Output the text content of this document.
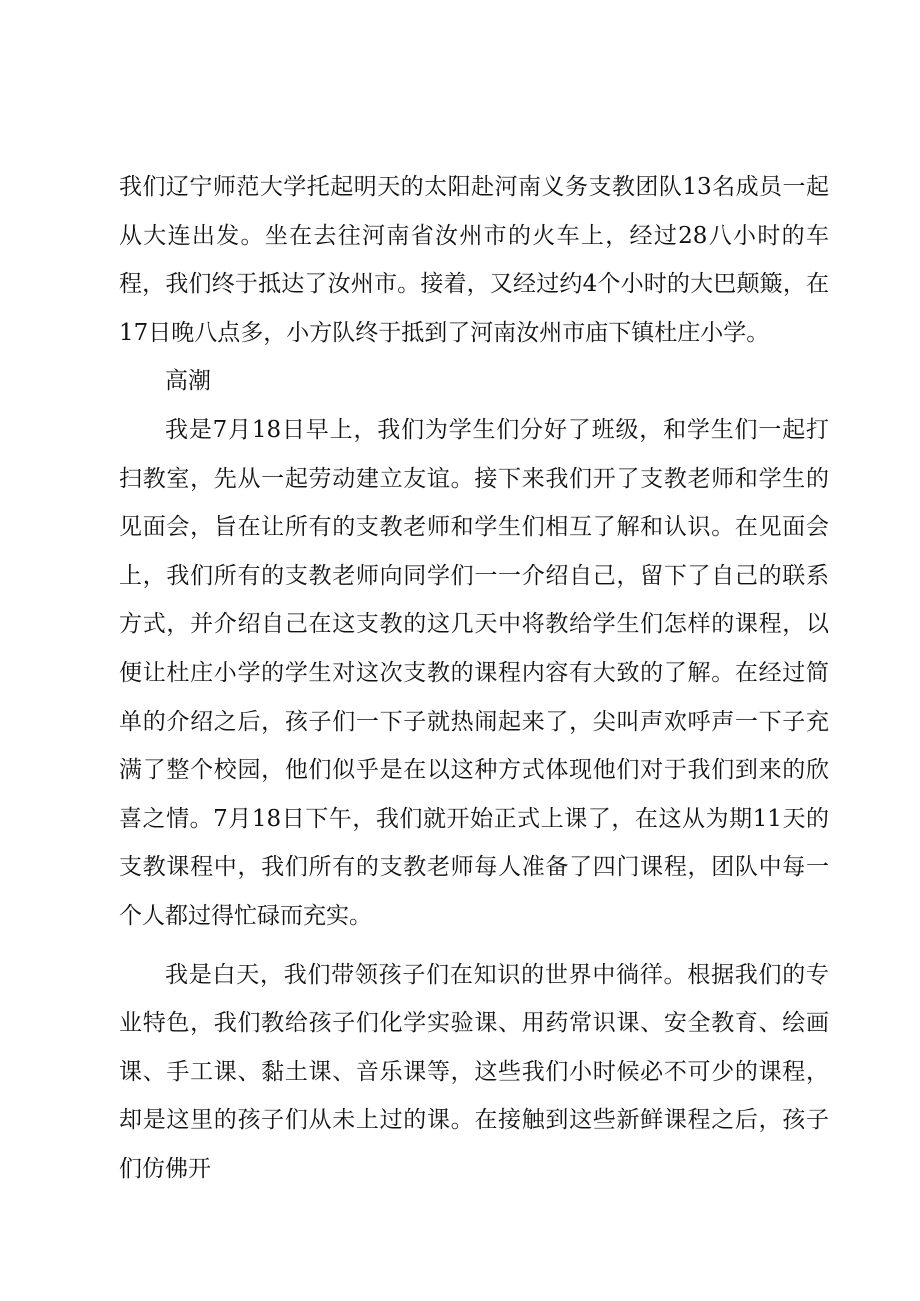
我们辽宁师范大学托起明天的太阳赴河南义务支教团队13名成员一起从大连出发。坐在去往河南省汝州市的火车上，经过28八小时的车程，我们终于抵达了汝州市。接着，又经过约4个小时的大巴颠簸，在17日晚八点多，小方队终于抵到了河南汝州市庙下镇杜庄小学。

高潮

我是7月18日早上，我们为学生们分好了班级，和学生们一起打扫教室，先从一起劳动建立友谊。接下来我们开了支教老师和学生的见面会，旨在让所有的支教老师和学生们相互了解和认识。在见面会上，我们所有的支教老师向同学们一一介绍自己，留下了自己的联系方式，并介绍自己在这支教的这几天中将教给学生们怎样的课程，以便让杜庄小学的学生对这次支教的课程内容有大致的了解。在经过简单的介绍之后，孩子们一下子就热闹起来了，尖叫声欢呼声一下子充满了整个校园，他们似乎是在以这种方式体现他们对于我们到来的欣喜之情。7月18日下午，我们就开始正式上课了，在这从为期11天的支教课程中，我们所有的支教老师每人准备了四门课程，团队中每一个人都过得忙碌而充实。

我是白天，我们带领孩子们在知识的世界中徜徉。根据我们的专业特色，我们教给孩子们化学实验课、用药常识课、安全教育、绘画课、手工课、黏土课、音乐课等，这些我们小时候必不可少的课程，却是这里的孩子们从未上过的课。在接触到这些新鲜课程之后，孩子们仿佛开
